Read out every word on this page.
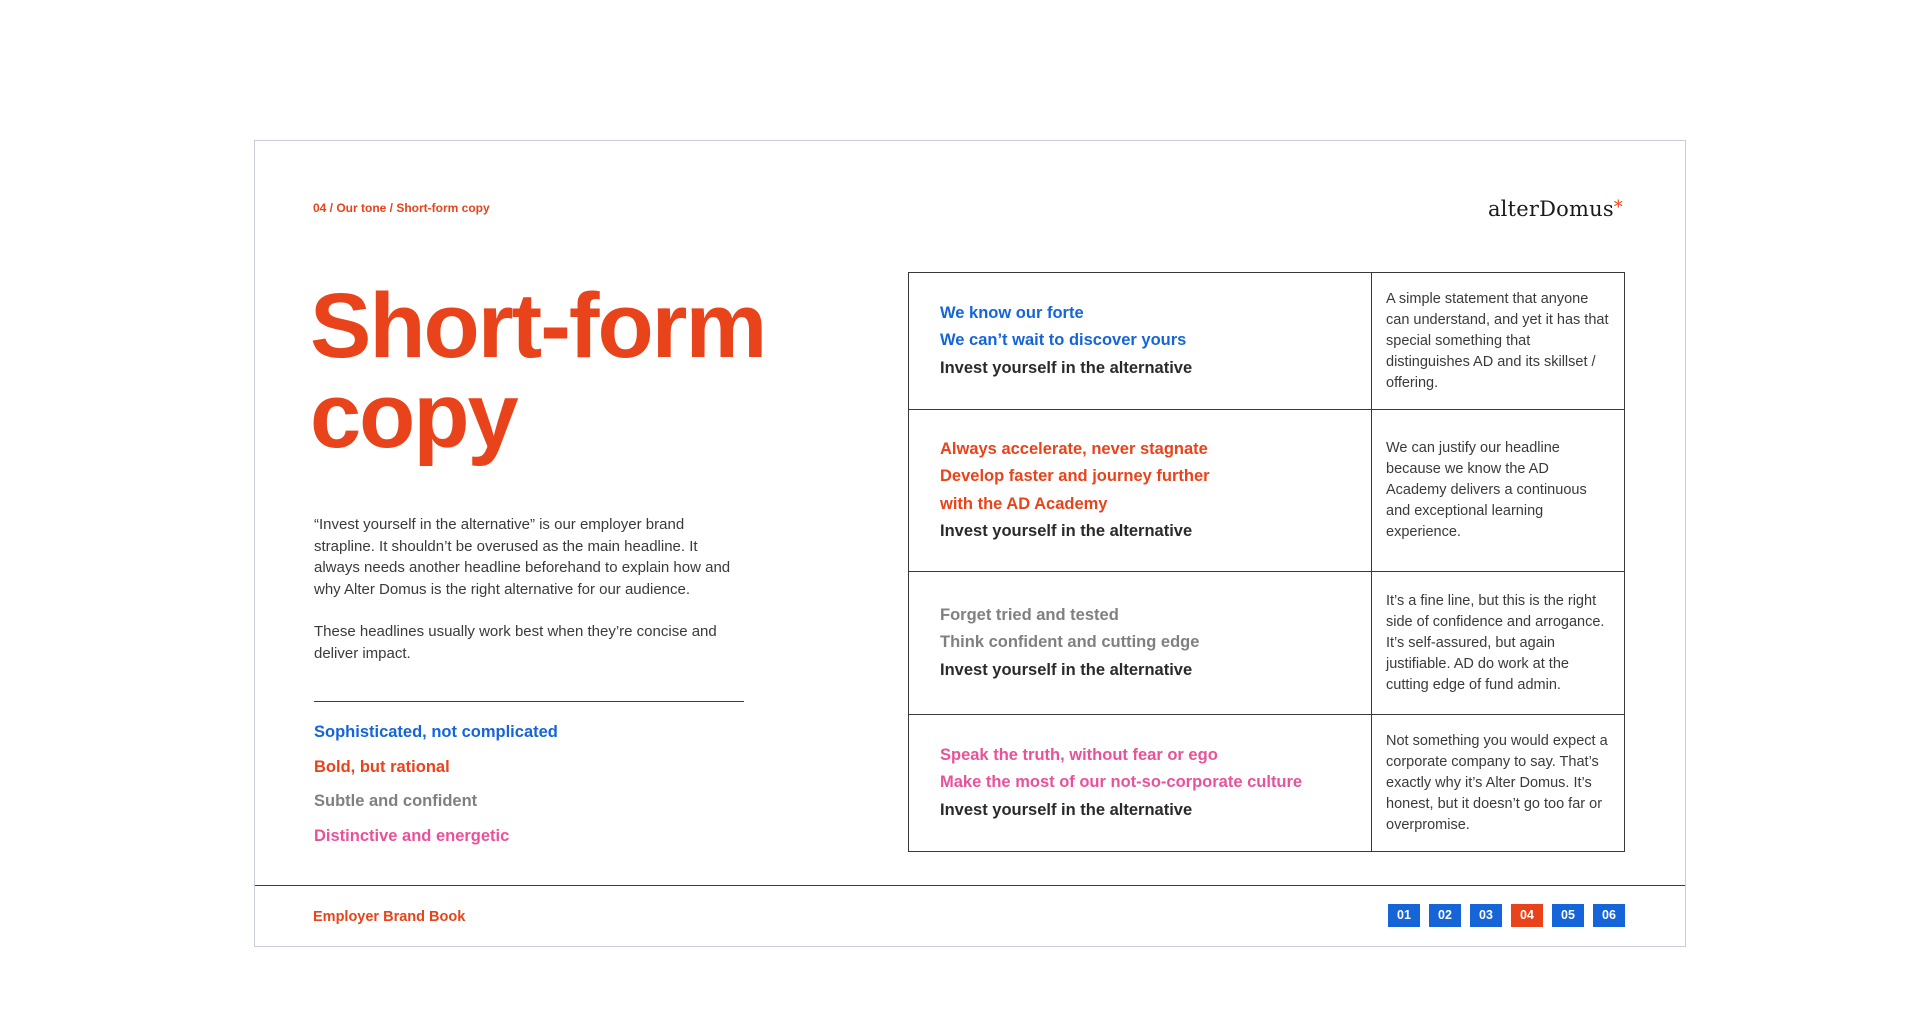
04 / Our tone / Short-form copy	alterDomus*
Short-form
copy

“Invest yourself in the alternative” is our employer brand strapline. It shouldn’t be overused as the main headline. It always needs another headline beforehand to explain how and why Alter Domus is the right alternative for our audience.

These headlines usually work best when they’re concise and deliver impact.

Sophisticated, not complicated
Bold, but rational
Subtle and confident
Distinctive and energetic
We know our forte
We can’t wait to discover yours
Invest yourself in the alternative	A simple statement that anyone can understand, and yet it has that special something that distinguishes AD and its skillset / offering.

Always accelerate, never stagnate
Develop faster and journey further
with the AD Academy
Invest yourself in the alternative	We can justify our headline because we know the AD Academy delivers a continuous and exceptional learning experience.

Forget tried and tested
Think confident and cutting edge
Invest yourself in the alternative	It’s a fine line, but this is the right side of confidence and arrogance. It’s self-assured, but again justifiable. AD do work at the cutting edge of fund admin.

Speak the truth, without fear or ego
Make the most of our not-so-corporate culture
Invest yourself in the alternative	Not something you would expect a corporate company to say. That’s exactly why it’s Alter Domus. It’s honest, but it doesn’t go too far or overpromise.
Employer Brand Book	01	02	03	04	05	06
